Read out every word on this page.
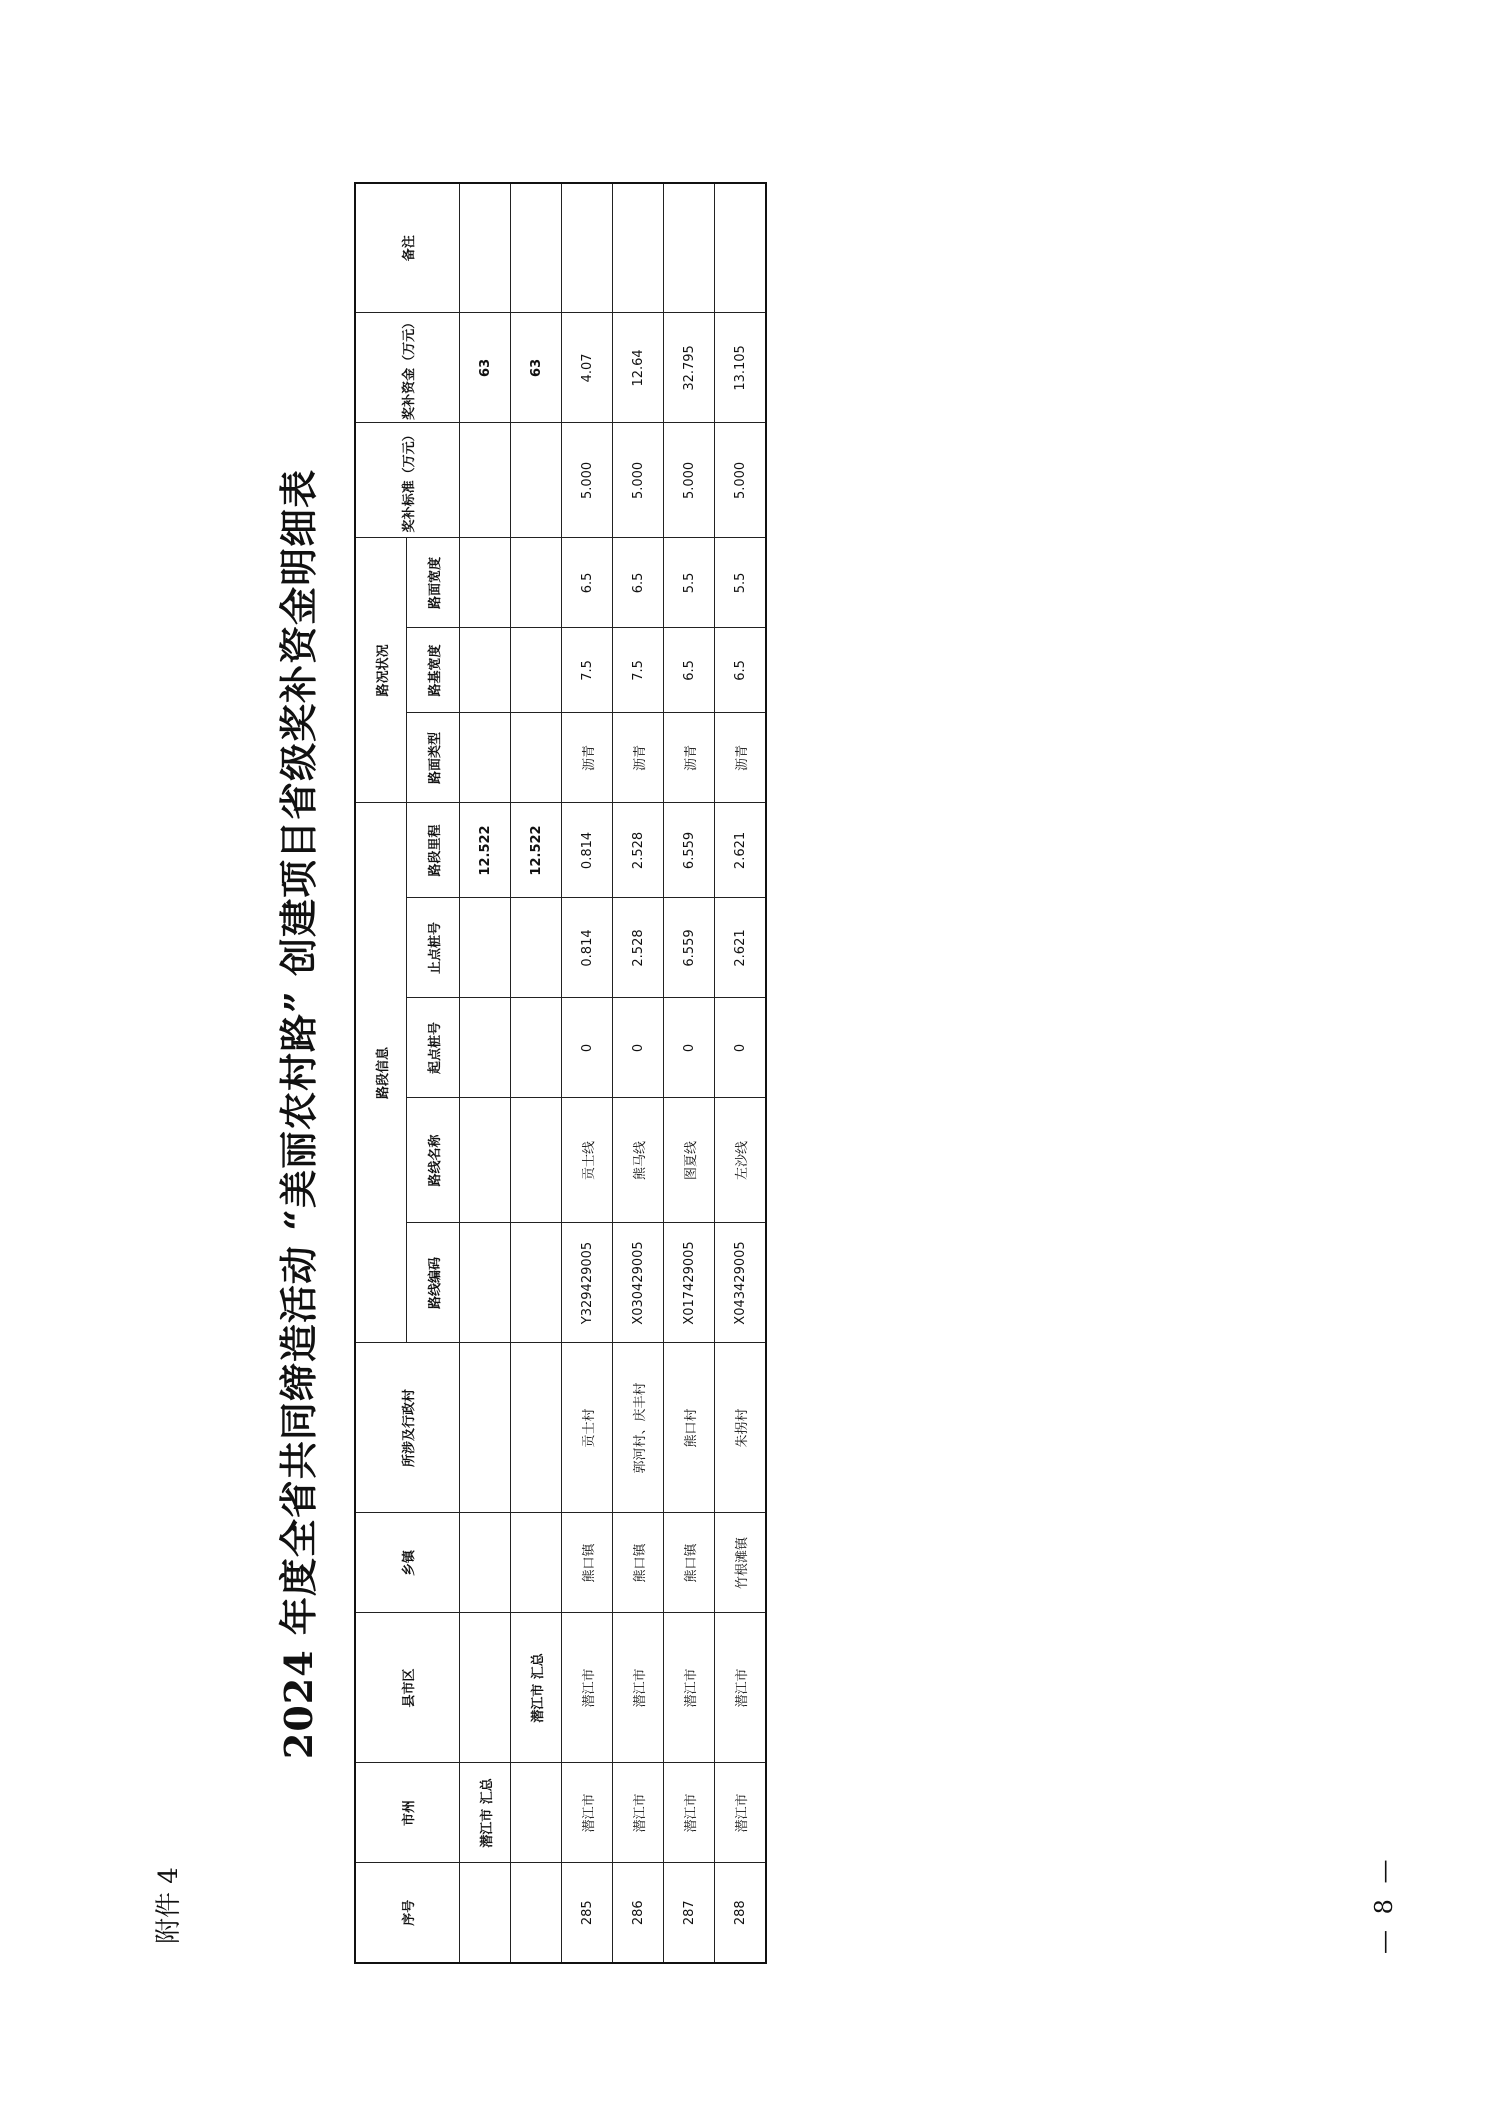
附件 4
2024 年度全省共同缔造活动 “美丽农村路” 创建项目省级奖补资金明细表
序号	市州	县市区	乡镇	所涉及行政村	路段信息					路况状况			奖补标准（万元）	奖补资金（万元）	备注
					路线编码	路线名称	起点桩号	止点桩号	路段里程	路面类型	路基宽度	路面宽度			
	潜江市 汇总								12.522					63	
		潜江市 汇总							12.522					63	
285	潜江市	潜江市	熊口镇	贡士村	Y329429005	贡士线	0	0.814	0.814	沥青	7.5	6.5	5.000	4.07	
286	潜江市	潜江市	熊口镇	郭河村、庆丰村	X030429005	熊马线	0	2.528	2.528	沥青	7.5	6.5	5.000	12.64	
287	潜江市	潜江市	熊口镇	熊口村	X017429005	图夏线	0	6.559	6.559	沥青	6.5	5.5	5.000	32.795	
288	潜江市	潜江市	竹根滩镇	朱拐村	X043429005	左沙线	0	2.621	2.621	沥青	6.5	5.5	5.000	13.105	
— 8 —
